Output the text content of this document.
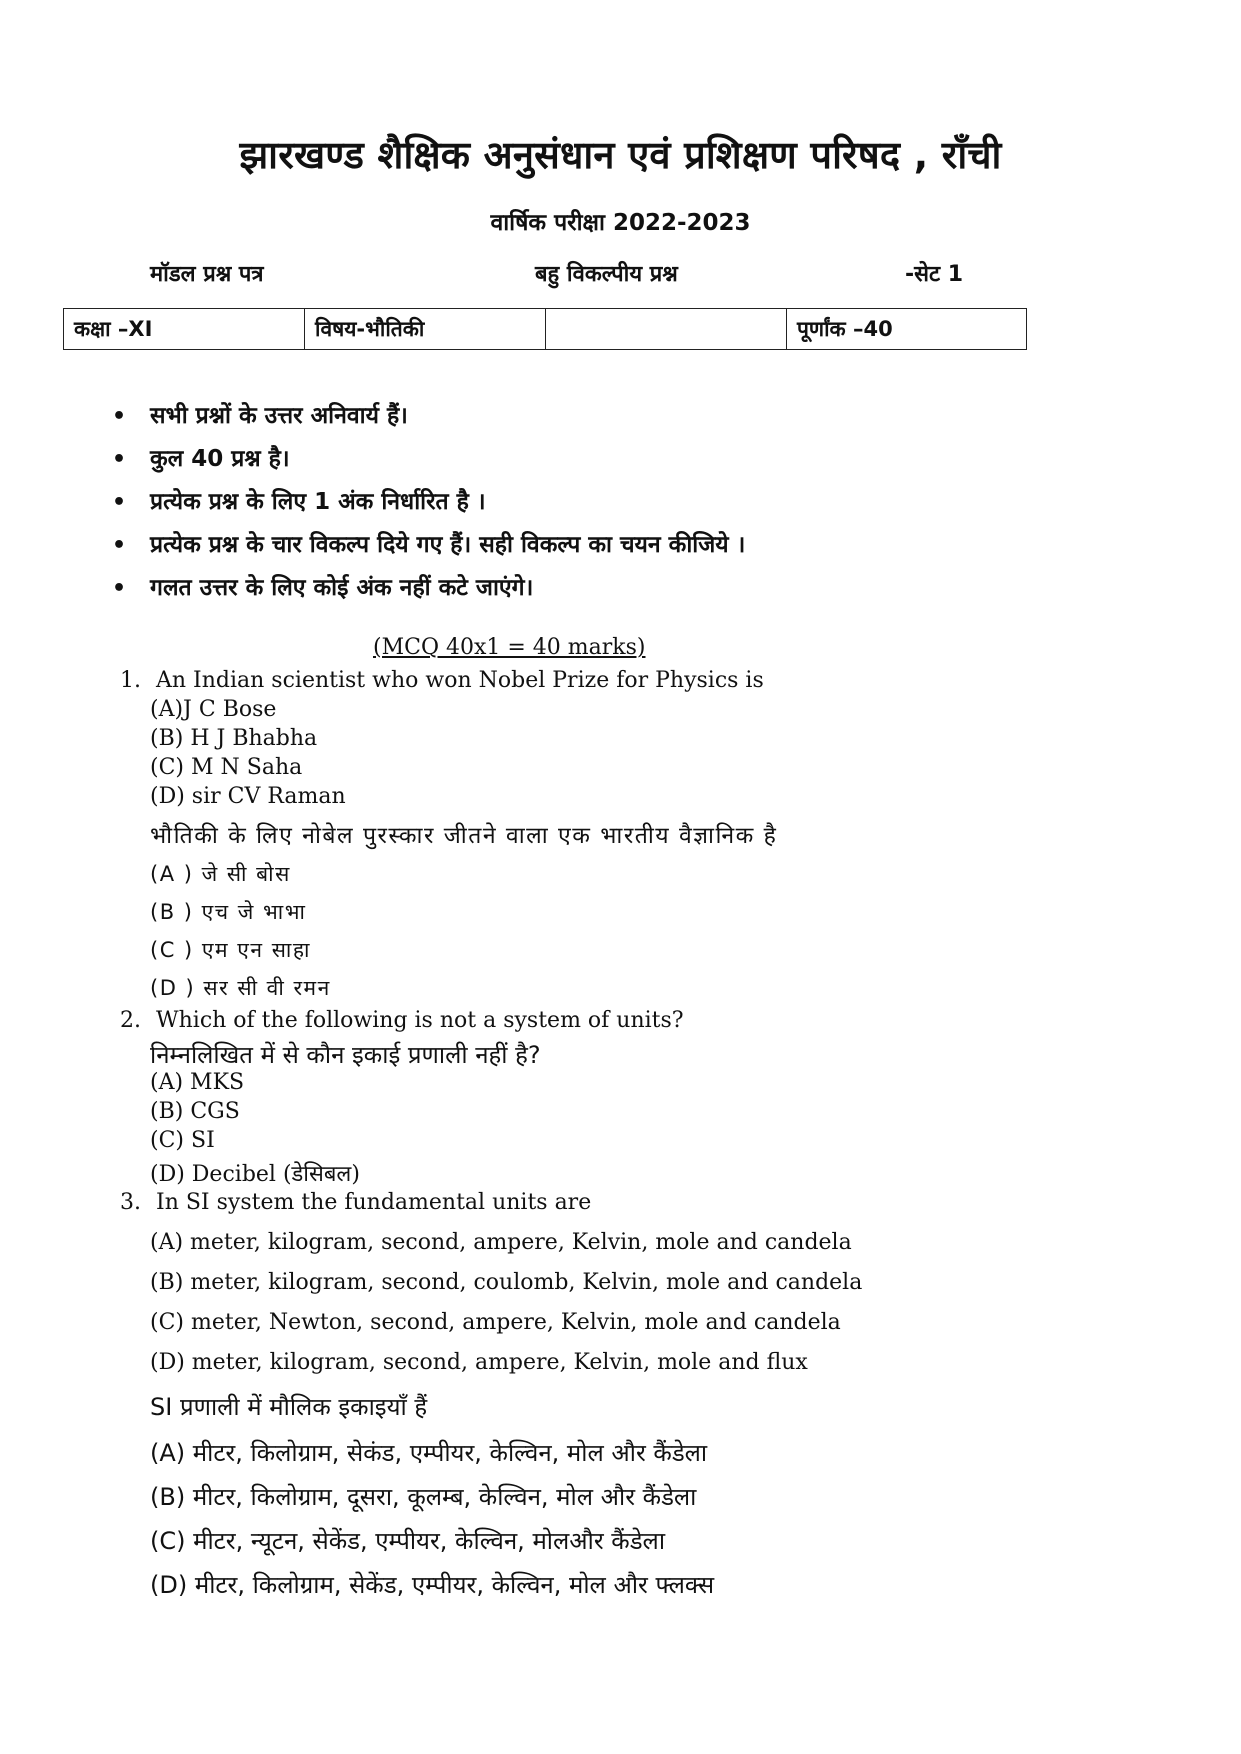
झारखण्ड शैक्षिक अनुसंधान एवं प्रशिक्षण परिषद , राँची
वार्षिक परीक्षा 2022-2023
मॉडल प्रश्न पत्र	बहु विकल्पीय प्रश्न	-सेट 1
कक्षा –XI	विषय-भौतिकी		पूर्णांक –40
• सभी प्रश्नों के उत्तर अनिवार्य हैं।
• कुल 40 प्रश्न है।
• प्रत्येक प्रश्न के लिए 1 अंक निर्धारित है ।
• प्रत्येक प्रश्न के चार विकल्प दिये गए हैं। सही विकल्प का चयन कीजिये ।
• गलत उत्तर के लिए कोई अंक नहीं कटे जाएंगे।
(MCQ 40x1 = 40 marks)
1. An Indian scientist who won Nobel Prize for Physics is
(A)J C Bose
(B) H J Bhabha
(C) M N Saha
(D) sir CV Raman
भौतिकी के लिए नोबेल पुरस्कार जीतने वाला एक भारतीय वैज्ञानिक है
(A ) जे सी बोस
(B ) एच जे भाभा
(C ) एम एन साहा
(D ) सर सी वी रमन
2. Which of the following is not a system of units?
निम्नलिखित में से कौन इकाई प्रणाली नहीं है?
(A) MKS
(B) CGS
(C) SI
(D) Decibel (डेसिबल)
3. In SI system the fundamental units are
(A) meter, kilogram, second, ampere, Kelvin, mole and candela
(B) meter, kilogram, second, coulomb, Kelvin, mole and candela
(C) meter, Newton, second, ampere, Kelvin, mole and candela
(D) meter, kilogram, second, ampere, Kelvin, mole and flux
SI प्रणाली में मौलिक इकाइयाँ हैं
(A) मीटर, किलोग्राम, सेकंड, एम्पीयर, केल्विन, मोल और कैंडेला
(B) मीटर, किलोग्राम, दूसरा, कूलम्ब, केल्विन, मोल और कैंडेला
(C) मीटर, न्यूटन, सेकेंड, एम्पीयर, केल्विन, मोलऔर कैंडेला
(D) मीटर, किलोग्राम, सेकेंड, एम्पीयर, केल्विन, मोल और फ्लक्स
